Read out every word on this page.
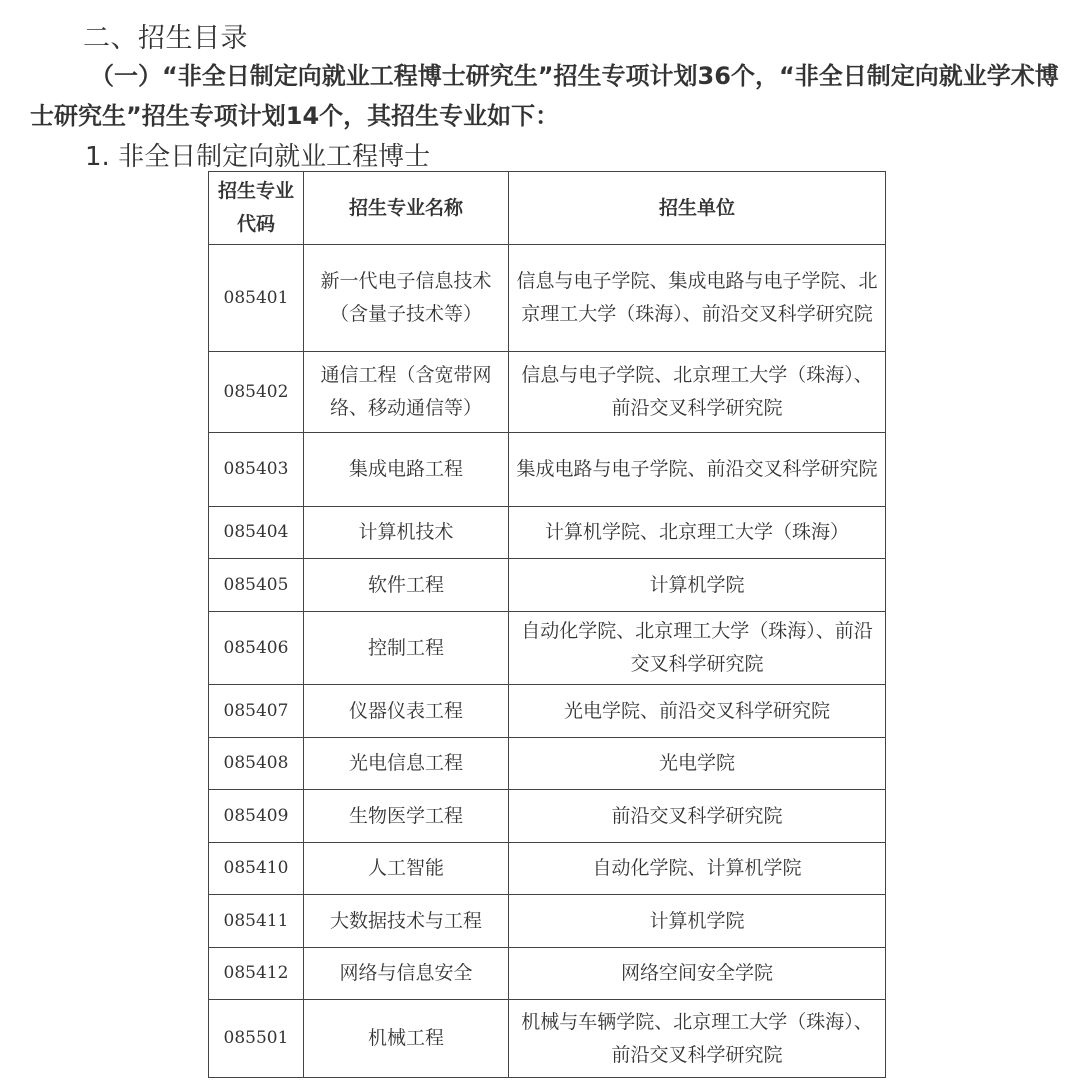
二、招生目录
（一）“非全日制定向就业工程博士研究生”招生专项计划36个，“非全日制定向就业学术博士研究生”招生专项计划14个，其招生专业如下：
1. 非全日制定向就业工程博士
招生专业代码	招生专业名称	招生单位
085401	新一代电子信息技术（含量子技术等）	信息与电子学院、集成电路与电子学院、北京理工大学（珠海）、前沿交叉科学研究院
085402	通信工程（含宽带网络、移动通信等）	信息与电子学院、北京理工大学（珠海）、前沿交叉科学研究院
085403	集成电路工程	集成电路与电子学院、前沿交叉科学研究院
085404	计算机技术	计算机学院、北京理工大学（珠海）
085405	软件工程	计算机学院
085406	控制工程	自动化学院、北京理工大学（珠海）、前沿交叉科学研究院
085407	仪器仪表工程	光电学院、前沿交叉科学研究院
085408	光电信息工程	光电学院
085409	生物医学工程	前沿交叉科学研究院
085410	人工智能	自动化学院、计算机学院
085411	大数据技术与工程	计算机学院
085412	网络与信息安全	网络空间安全学院
085501	机械工程	机械与车辆学院、北京理工大学（珠海）、前沿交叉科学研究院
